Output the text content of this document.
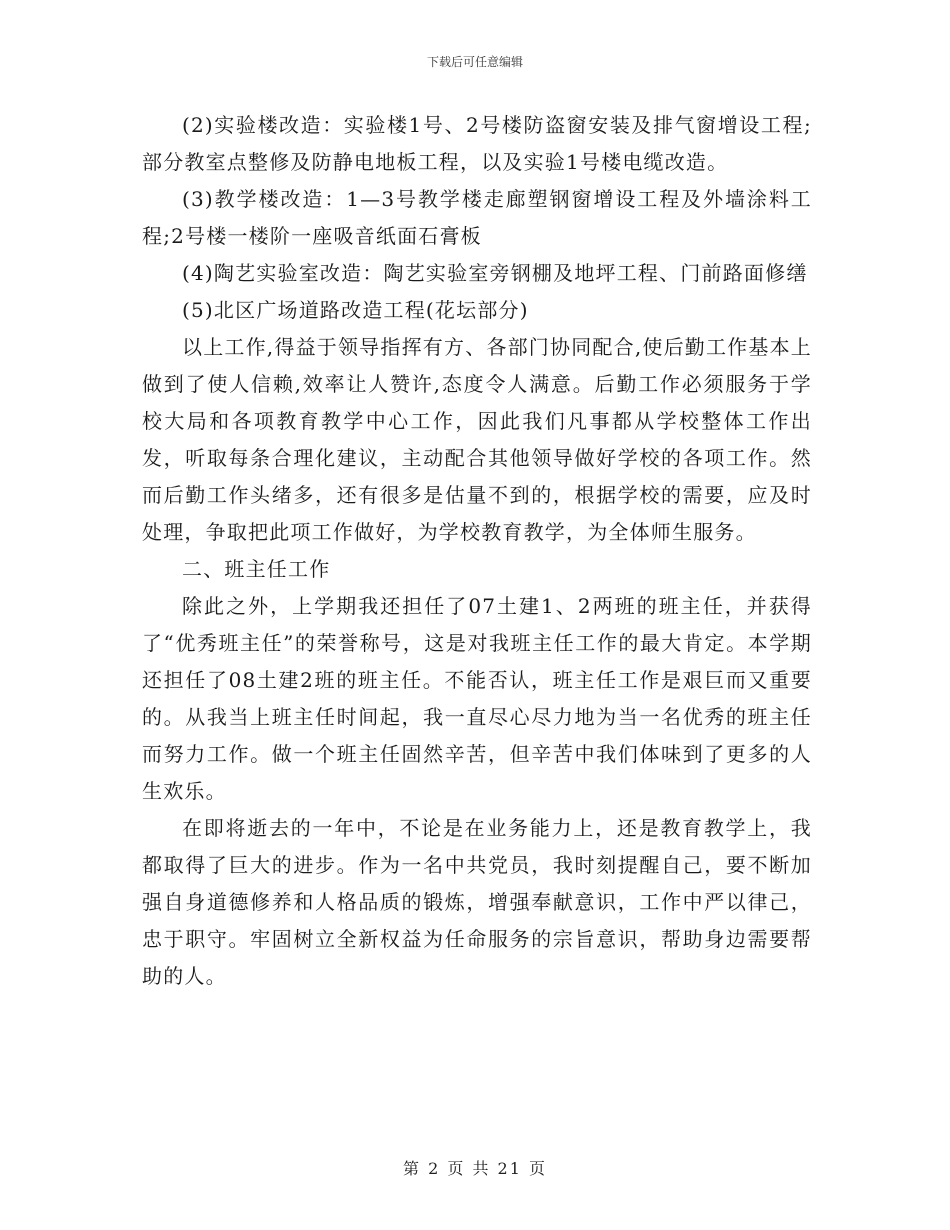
下载后可任意编辑

(2)实验楼改造：实验楼1号、2号楼防盗窗安装及排气窗增设工程;部分教室点整修及防静电地板工程，以及实验1号楼电缆改造。

(3)教学楼改造：1—3号教学楼走廊塑钢窗增设工程及外墙涂料工程;2号楼一楼阶一座吸音纸面石膏板

(4)陶艺实验室改造：陶艺实验室旁钢棚及地坪工程、门前路面修缮

(5)北区广场道路改造工程(花坛部分)

以上工作,得益于领导指挥有方、各部门协同配合,使后勤工作基本上做到了使人信赖,效率让人赞许,态度令人满意。后勤工作必须服务于学校大局和各项教育教学中心工作，因此我们凡事都从学校整体工作出发，听取每条合理化建议，主动配合其他领导做好学校的各项工作。然而后勤工作头绪多，还有很多是估量不到的，根据学校的需要，应及时处理，争取把此项工作做好，为学校教育教学，为全体师生服务。

二、班主任工作

除此之外，上学期我还担任了07土建1、2两班的班主任，并获得了“优秀班主任”的荣誉称号，这是对我班主任工作的最大肯定。本学期还担任了08土建2班的班主任。不能否认，班主任工作是艰巨而又重要的。从我当上班主任时间起，我一直尽心尽力地为当一名优秀的班主任而努力工作。做一个班主任固然辛苦，但辛苦中我们体味到了更多的人生欢乐。

在即将逝去的一年中，不论是在业务能力上，还是教育教学上，我都取得了巨大的进步。作为一名中共党员，我时刻提醒自己，要不断加强自身道德修养和人格品质的锻炼，增强奉献意识，工作中严以律己，忠于职守。牢固树立全新权益为任命服务的宗旨意识，帮助身边需要帮助的人。

第 2 页 共 21 页
